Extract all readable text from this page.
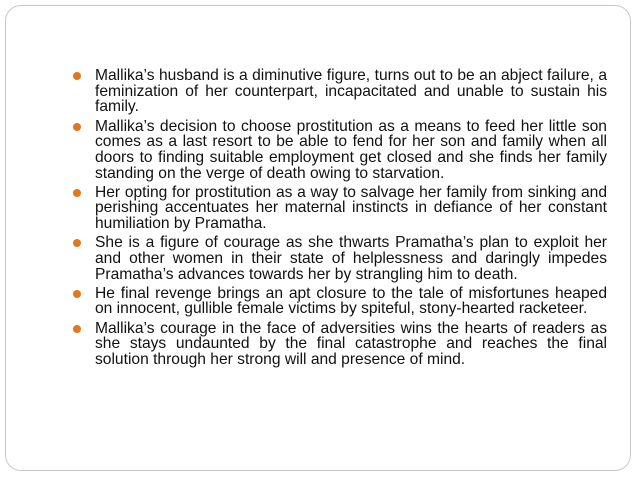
Mallika’s husband is a diminutive figure, turns out to be an abject failure, a feminization of her counterpart, incapacitated and unable to sustain his family.
Mallika’s decision to choose prostitution as a means to feed her little son comes as a last resort to be able to fend for her son and family when all doors to finding suitable employment get closed and she finds her family standing on the verge of death owing to starvation.
Her opting for prostitution as a way to salvage her family from sinking and perishing accentuates her maternal instincts in defiance of her constant humiliation by Pramatha.
She is a figure of courage as she thwarts Pramatha’s plan to exploit her and other women in their state of helplessness and daringly impedes Pramatha’s advances towards her by strangling him to death.
He final revenge brings an apt closure to the tale of misfortunes heaped on innocent, gullible female victims by spiteful, stony-hearted racketeer.
Mallika’s courage in the face of adversities wins the hearts of readers as she stays undaunted by the final catastrophe and reaches the final solution through her strong will and presence of mind.
